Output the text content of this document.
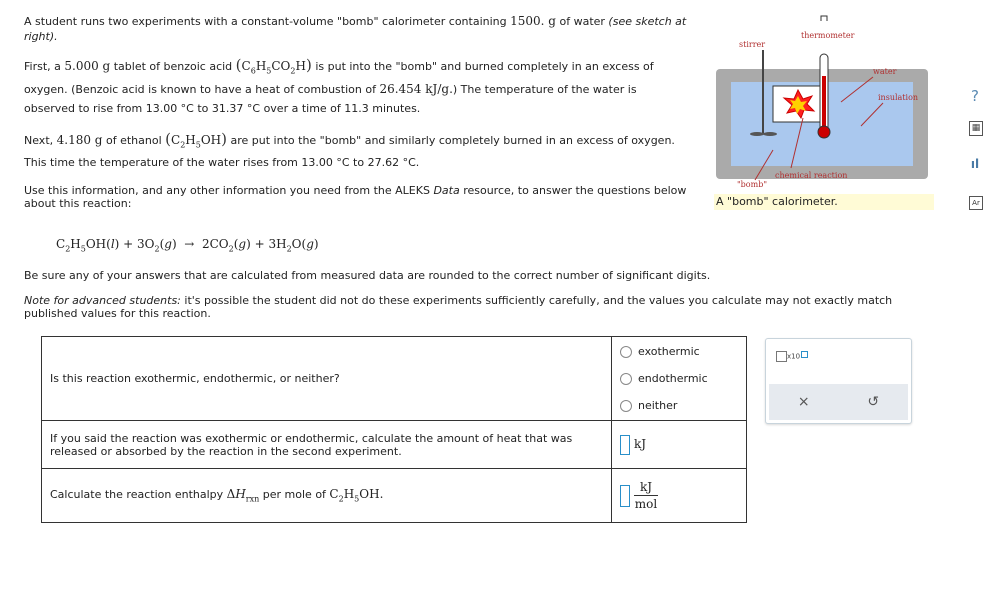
A student runs two experiments with a constant-volume "bomb" calorimeter containing 1500. g of water (see sketch at

right).

First, a 5.000 g tablet of benzoic acid $(C_6H_5CO_2H)$ is put into the "bomb" and burned completely in an excess of

oxygen. (Benzoic acid is known to have a heat of combustion of 26.454 kJ/g.) The temperature of the water is

observed to rise from 13.00 °C to 31.37 °C over a time of 11.3 minutes.

Next, 4.180 g of ethanol $(C_2H_5OH)$ are put into the "bomb" and similarly completely burned in an excess of oxygen.

This time the temperature of the water rises from 13.00 °C to 27.62 °C.

Use this information, and any other information you need from the ALEKS Data resource, to answer the questions below

about this reaction:

$C_2H_5OH(l) + 3O_2(g) \to 2CO_2(g) + 3H_2O(g)$

Be sure any of your answers that are calculated from measured data are rounded to the correct number of significant digits.

Note for advanced students: it's possible the student did not do these experiments sufficiently carefully, and the values you calculate may not exactly match

published values for this reaction.

thermometer
stirrer
water
insulation
chemical reaction
"bomb"
A "bomb" calorimeter.
Is this reaction exothermic, endothermic, or neither?	exothermic
endothermic
neither

If you said the reaction was exothermic or endothermic, calculate the amount of heat that was
released or absorbed by the reaction in the second experiment.	kJ
Calculate the reaction enthalpy $\Delta H_{rxn}$ per mole of $C_2H_5OH$.	kJ
mol
x10
×	↺
?
▦
ıl
Ar
